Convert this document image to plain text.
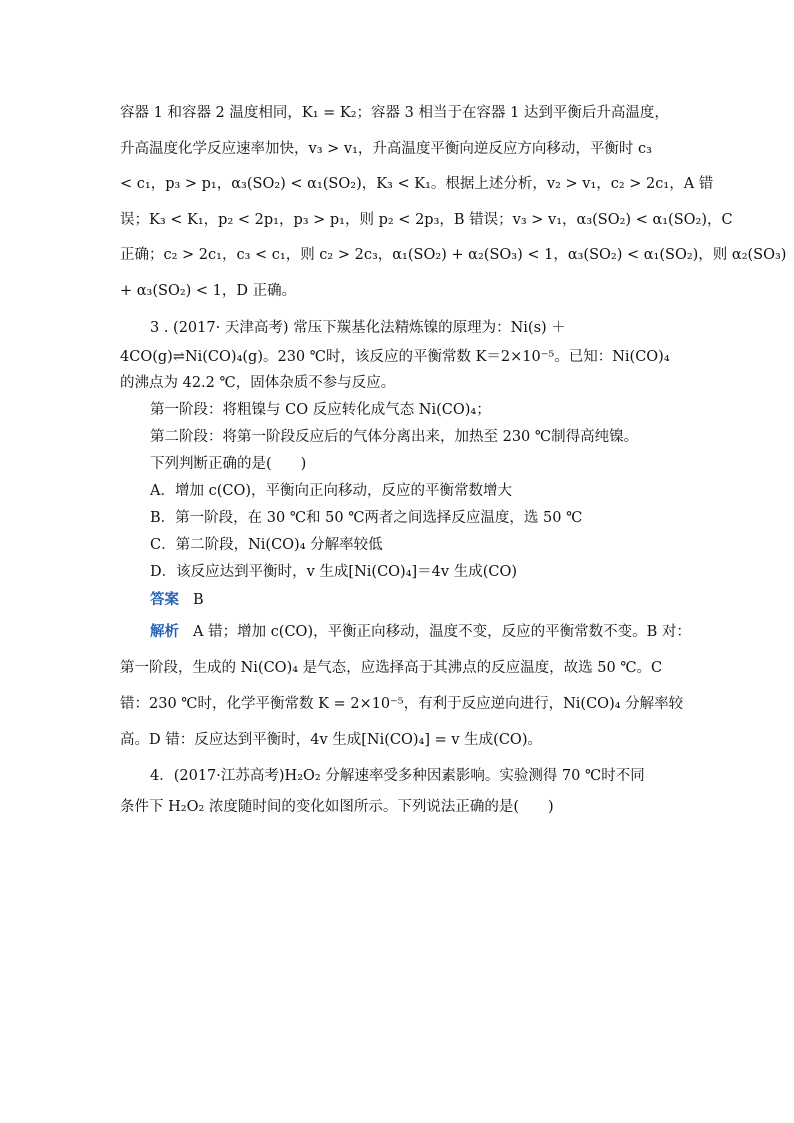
容器 1 和容器 2 温度相同，K₁ = K₂；容器 3 相当于在容器 1 达到平衡后升高温度，
升高温度化学反应速率加快，v₃ > v₁，升高温度平衡向逆反应方向移动，平衡时 c₃
< c₁，p₃ > p₁，α₃(SO₂) < α₁(SO₂)，K₃ < K₁。根据上述分析，v₂ > v₁，c₂ > 2c₁，A 错
误；K₃ < K₁，p₂ < 2p₁，p₃ > p₁，则 p₂ < 2p₃，B 错误；v₃ > v₁，α₃(SO₂) < α₁(SO₂)，C
正确；c₂ > 2c₁，c₃ < c₁，则 c₂ > 2c₃，α₁(SO₂) + α₂(SO₃) < 1，α₃(SO₂) < α₁(SO₂)，则 α₂(SO₃)
+ α₃(SO₂) < 1，D 正确。
3 . (2017· 天津高考) 常压下羰基化法精炼镍的原理为：Ni(s) ＋
4CO(g)⇌Ni(CO)₄(g)。230 ℃时，该反应的平衡常数 K＝2×10⁻⁵。已知：Ni(CO)₄
的沸点为 42.2 ℃，固体杂质不参与反应。
第一阶段：将粗镍与 CO 反应转化成气态 Ni(CO)₄；
第二阶段：将第一阶段反应后的气体分离出来，加热至 230 ℃制得高纯镍。
下列判断正确的是(　　)
A．增加 c(CO)，平衡向正向移动，反应的平衡常数增大
B．第一阶段，在 30 ℃和 50 ℃两者之间选择反应温度，选 50 ℃
C．第二阶段，Ni(CO)₄ 分解率较低
D．该反应达到平衡时，v 生成[Ni(CO)₄]＝4v 生成(CO)
答案 B
解析 A 错；增加 c(CO)，平衡正向移动，温度不变，反应的平衡常数不变。B 对：
第一阶段，生成的 Ni(CO)₄ 是气态，应选择高于其沸点的反应温度，故选 50 ℃。C
错：230 ℃时，化学平衡常数 K = 2×10⁻⁵，有利于反应逆向进行，Ni(CO)₄ 分解率较
高。D 错：反应达到平衡时，4v 生成[Ni(CO)₄] = v 生成(CO)。
4．(2017·江苏高考)H₂O₂ 分解速率受多种因素影响。实验测得 70 ℃时不同
条件下 H₂O₂ 浓度随时间的变化如图所示。下列说法正确的是(　　)
